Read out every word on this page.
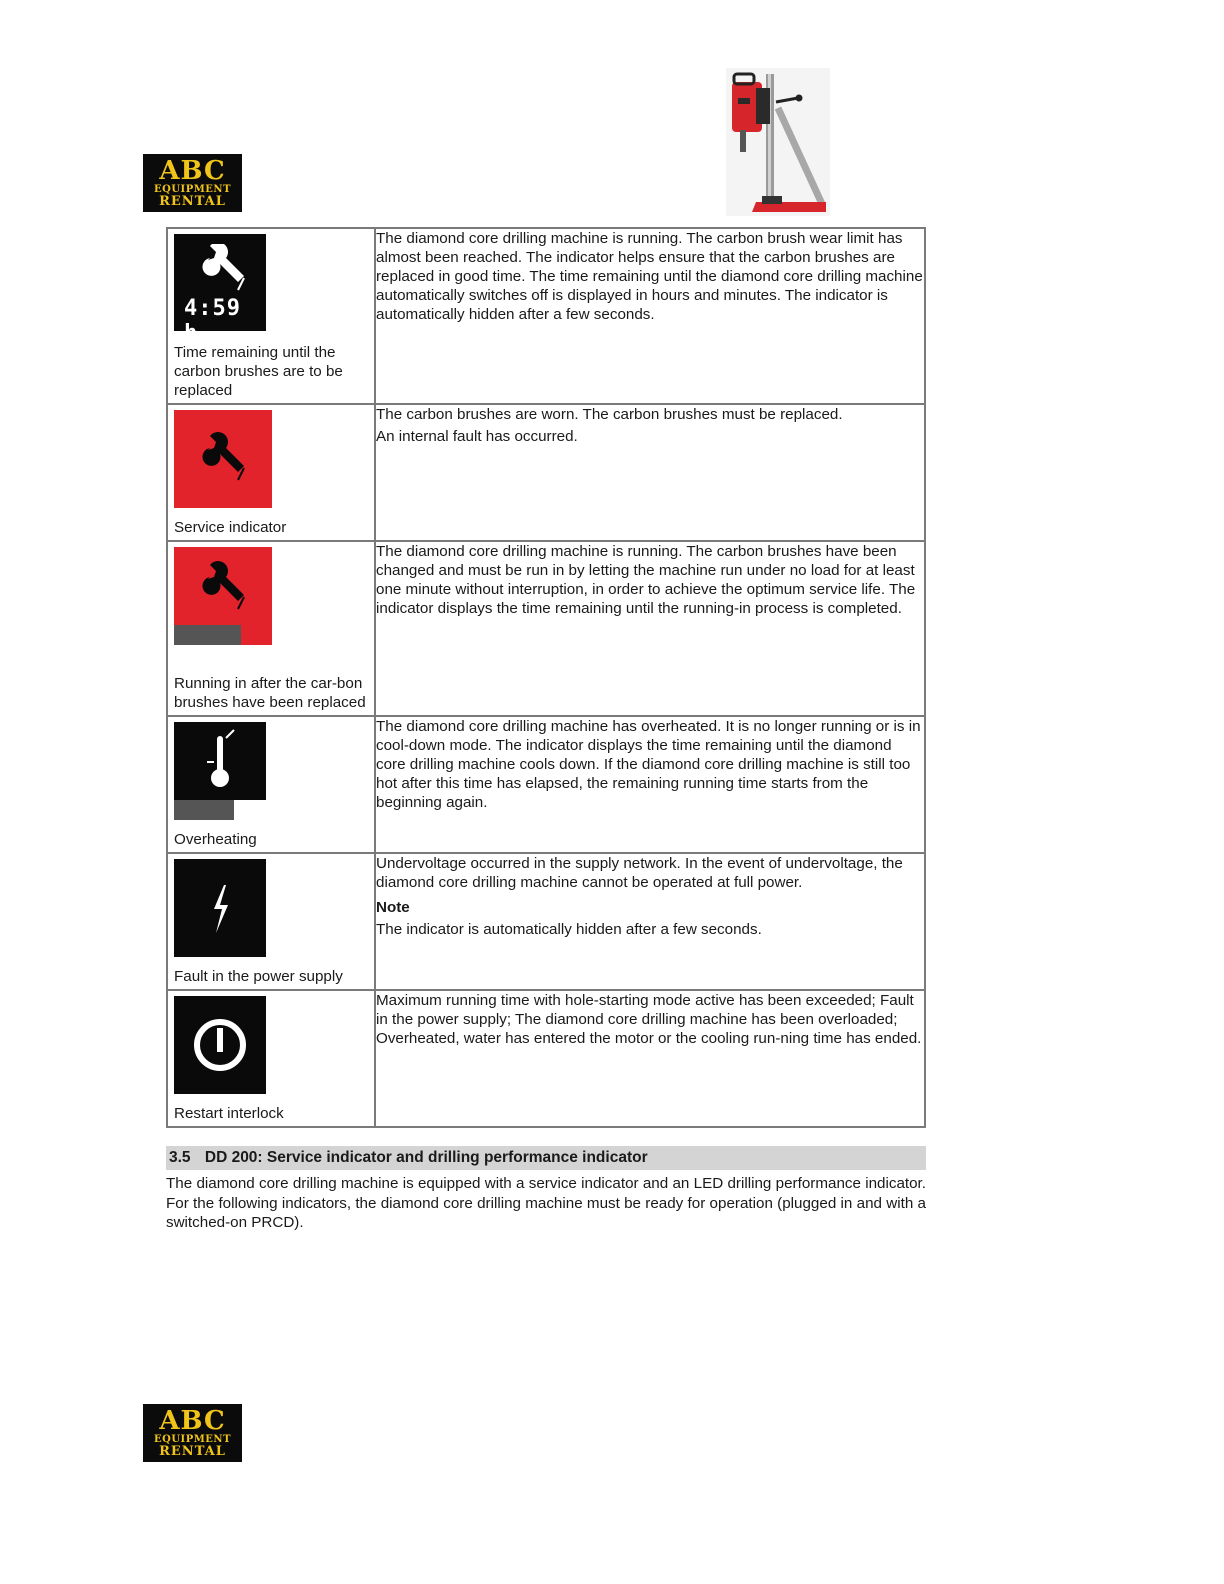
ABC
EQUIPMENT
RENTAL
4:59 h
Time remaining until the carbon brushes are to be replaced	The diamond core drilling machine is running. The carbon brush wear limit has almost been reached. The indicator helps ensure that the carbon brushes are replaced in good time. The time remaining until the diamond core drilling machine automatically switches off is displayed in hours and minutes. The indicator is automatically hidden after a few seconds.

Service indicator	The carbon brushes are worn. The carbon brushes must be replaced.
An internal fault has occurred.

Running in after the car-bon brushes have been replaced	The diamond core drilling machine is running. The carbon brushes have been changed and must be run in by letting the machine run under no load for at least one minute without interruption, in order to achieve the optimum service life. The indicator displays the time remaining until the running-in process is completed.

Overheating	The diamond core drilling machine has overheated. It is no longer running or is in cool-down mode. The indicator displays the time remaining until the diamond core drilling machine cools down. If the diamond core drilling machine is still too hot after this time has elapsed, the remaining running time starts from the beginning again.

Fault in the power supply	Undervoltage occurred in the supply network. In the event of undervoltage, the diamond core drilling machine cannot be operated at full power.
Note
The indicator is automatically hidden after a few seconds.

Restart interlock	Maximum running time with hole-starting mode active has been exceeded; Fault in the power supply; The diamond core drilling machine has been overloaded; Overheated, water has entered the motor or the cooling run-ning time has ended.
3.5 DD 200: Service indicator and drilling performance indicator
The diamond core drilling machine is equipped with a service indicator and an LED drilling performance indicator. For the following indicators, the diamond core drilling machine must be ready for operation (plugged in and with a switched-on PRCD).
ABC
EQUIPMENT
RENTAL
